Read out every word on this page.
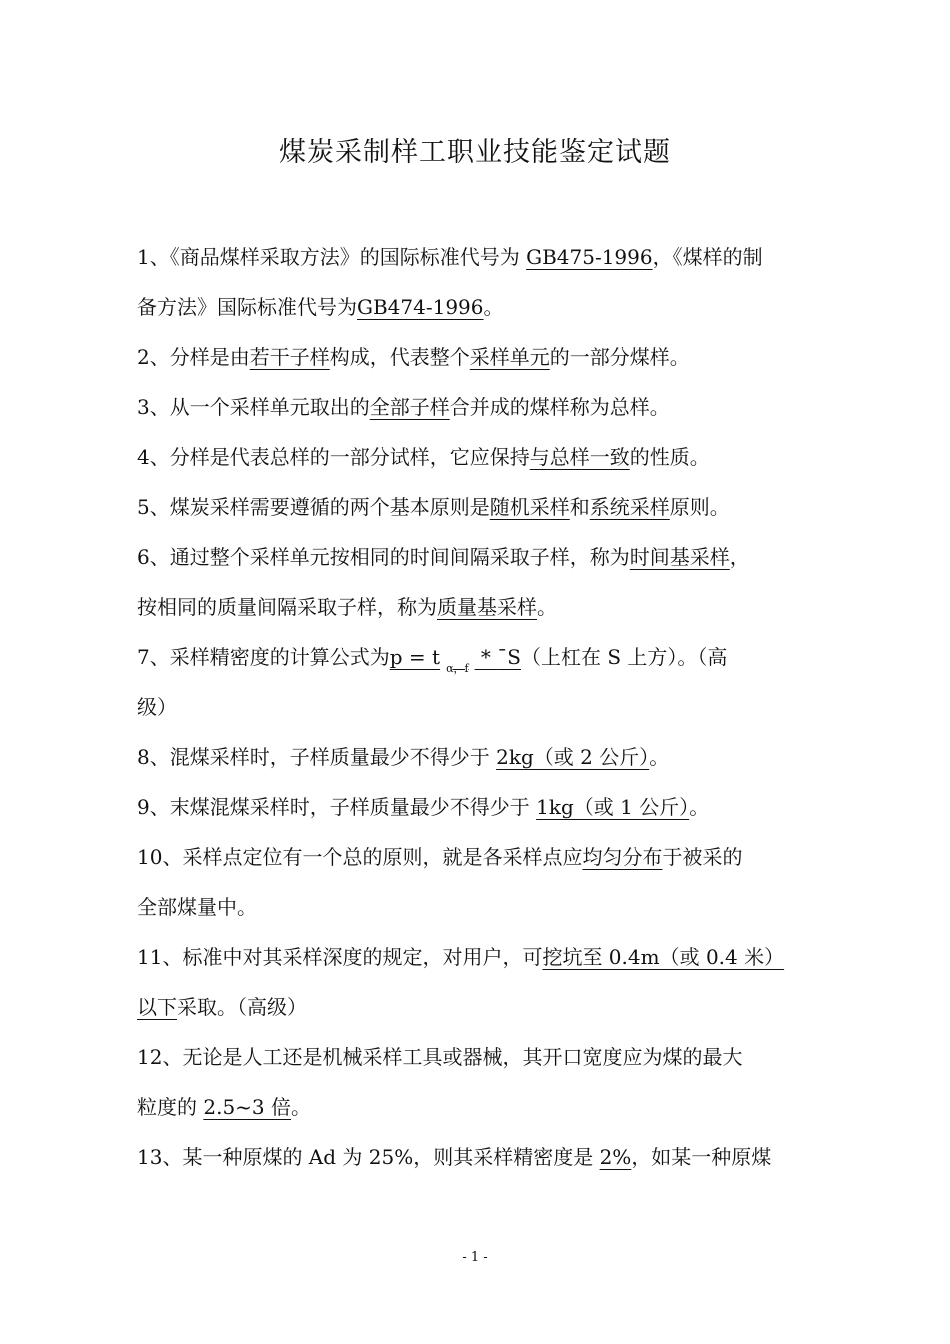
煤炭采制样工职业技能鉴定试题
1、《商品煤样采取方法》的国际标准代号为 GB475-1996，《煤样的制
备方法》国际标准代号为GB474-1996。
2、分样是由若干子样构成，代表整个采样单元的一部分煤样。
3、从一个采样单元取出的全部子样合并成的煤样称为总样。
4、分样是代表总样的一部分试样，它应保持与总样一致的性质。
5、煤炭采样需要遵循的两个基本原则是随机采样和系统采样原则。
6、通过整个采样单元按相同的时间间隔采取子样，称为时间基采样，
按相同的质量间隔采取子样，称为质量基采样。
7、采样精密度的计算公式为p = t $_{\alpha,f}$ * ¯S（上杠在 S 上方）。（高
级）
8、混煤采样时，子样质量最少不得少于 2kg（或 2 公斤）。
9、末煤混煤采样时，子样质量最少不得少于 1kg（或 1 公斤）。
10、采样点定位有一个总的原则，就是各采样点应均匀分布于被采的
全部煤量中。
11、标准中对其采样深度的规定，对用户，可挖坑至 0.4m（或 0.4 米）
以下采取。（高级）
12、无论是人工还是机械采样工具或器械，其开口宽度应为煤的最大
粒度的 2.5~3 倍。
13、某一种原煤的 Ad 为 25%，则其采样精密度是 2%，如某一种原煤
- 1 -
